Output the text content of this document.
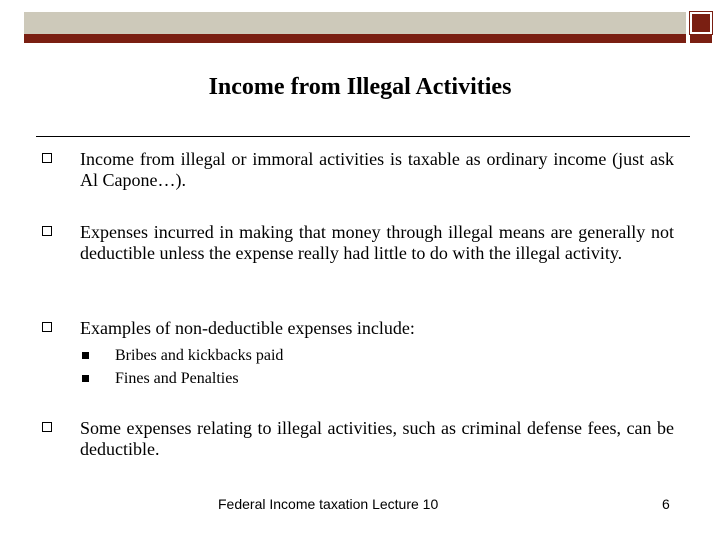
Income from Illegal Activities
Income from illegal or immoral activities is taxable as ordinary income (just ask Al Capone…).
Expenses incurred in making that money through illegal means are generally not deductible unless the expense really had little to do with the illegal activity.
Examples of non-deductible expenses include:
Bribes and kickbacks paid
Fines and Penalties
Some expenses relating to illegal activities, such as criminal defense fees, can be deductible.
Federal Income taxation Lecture 10	6
